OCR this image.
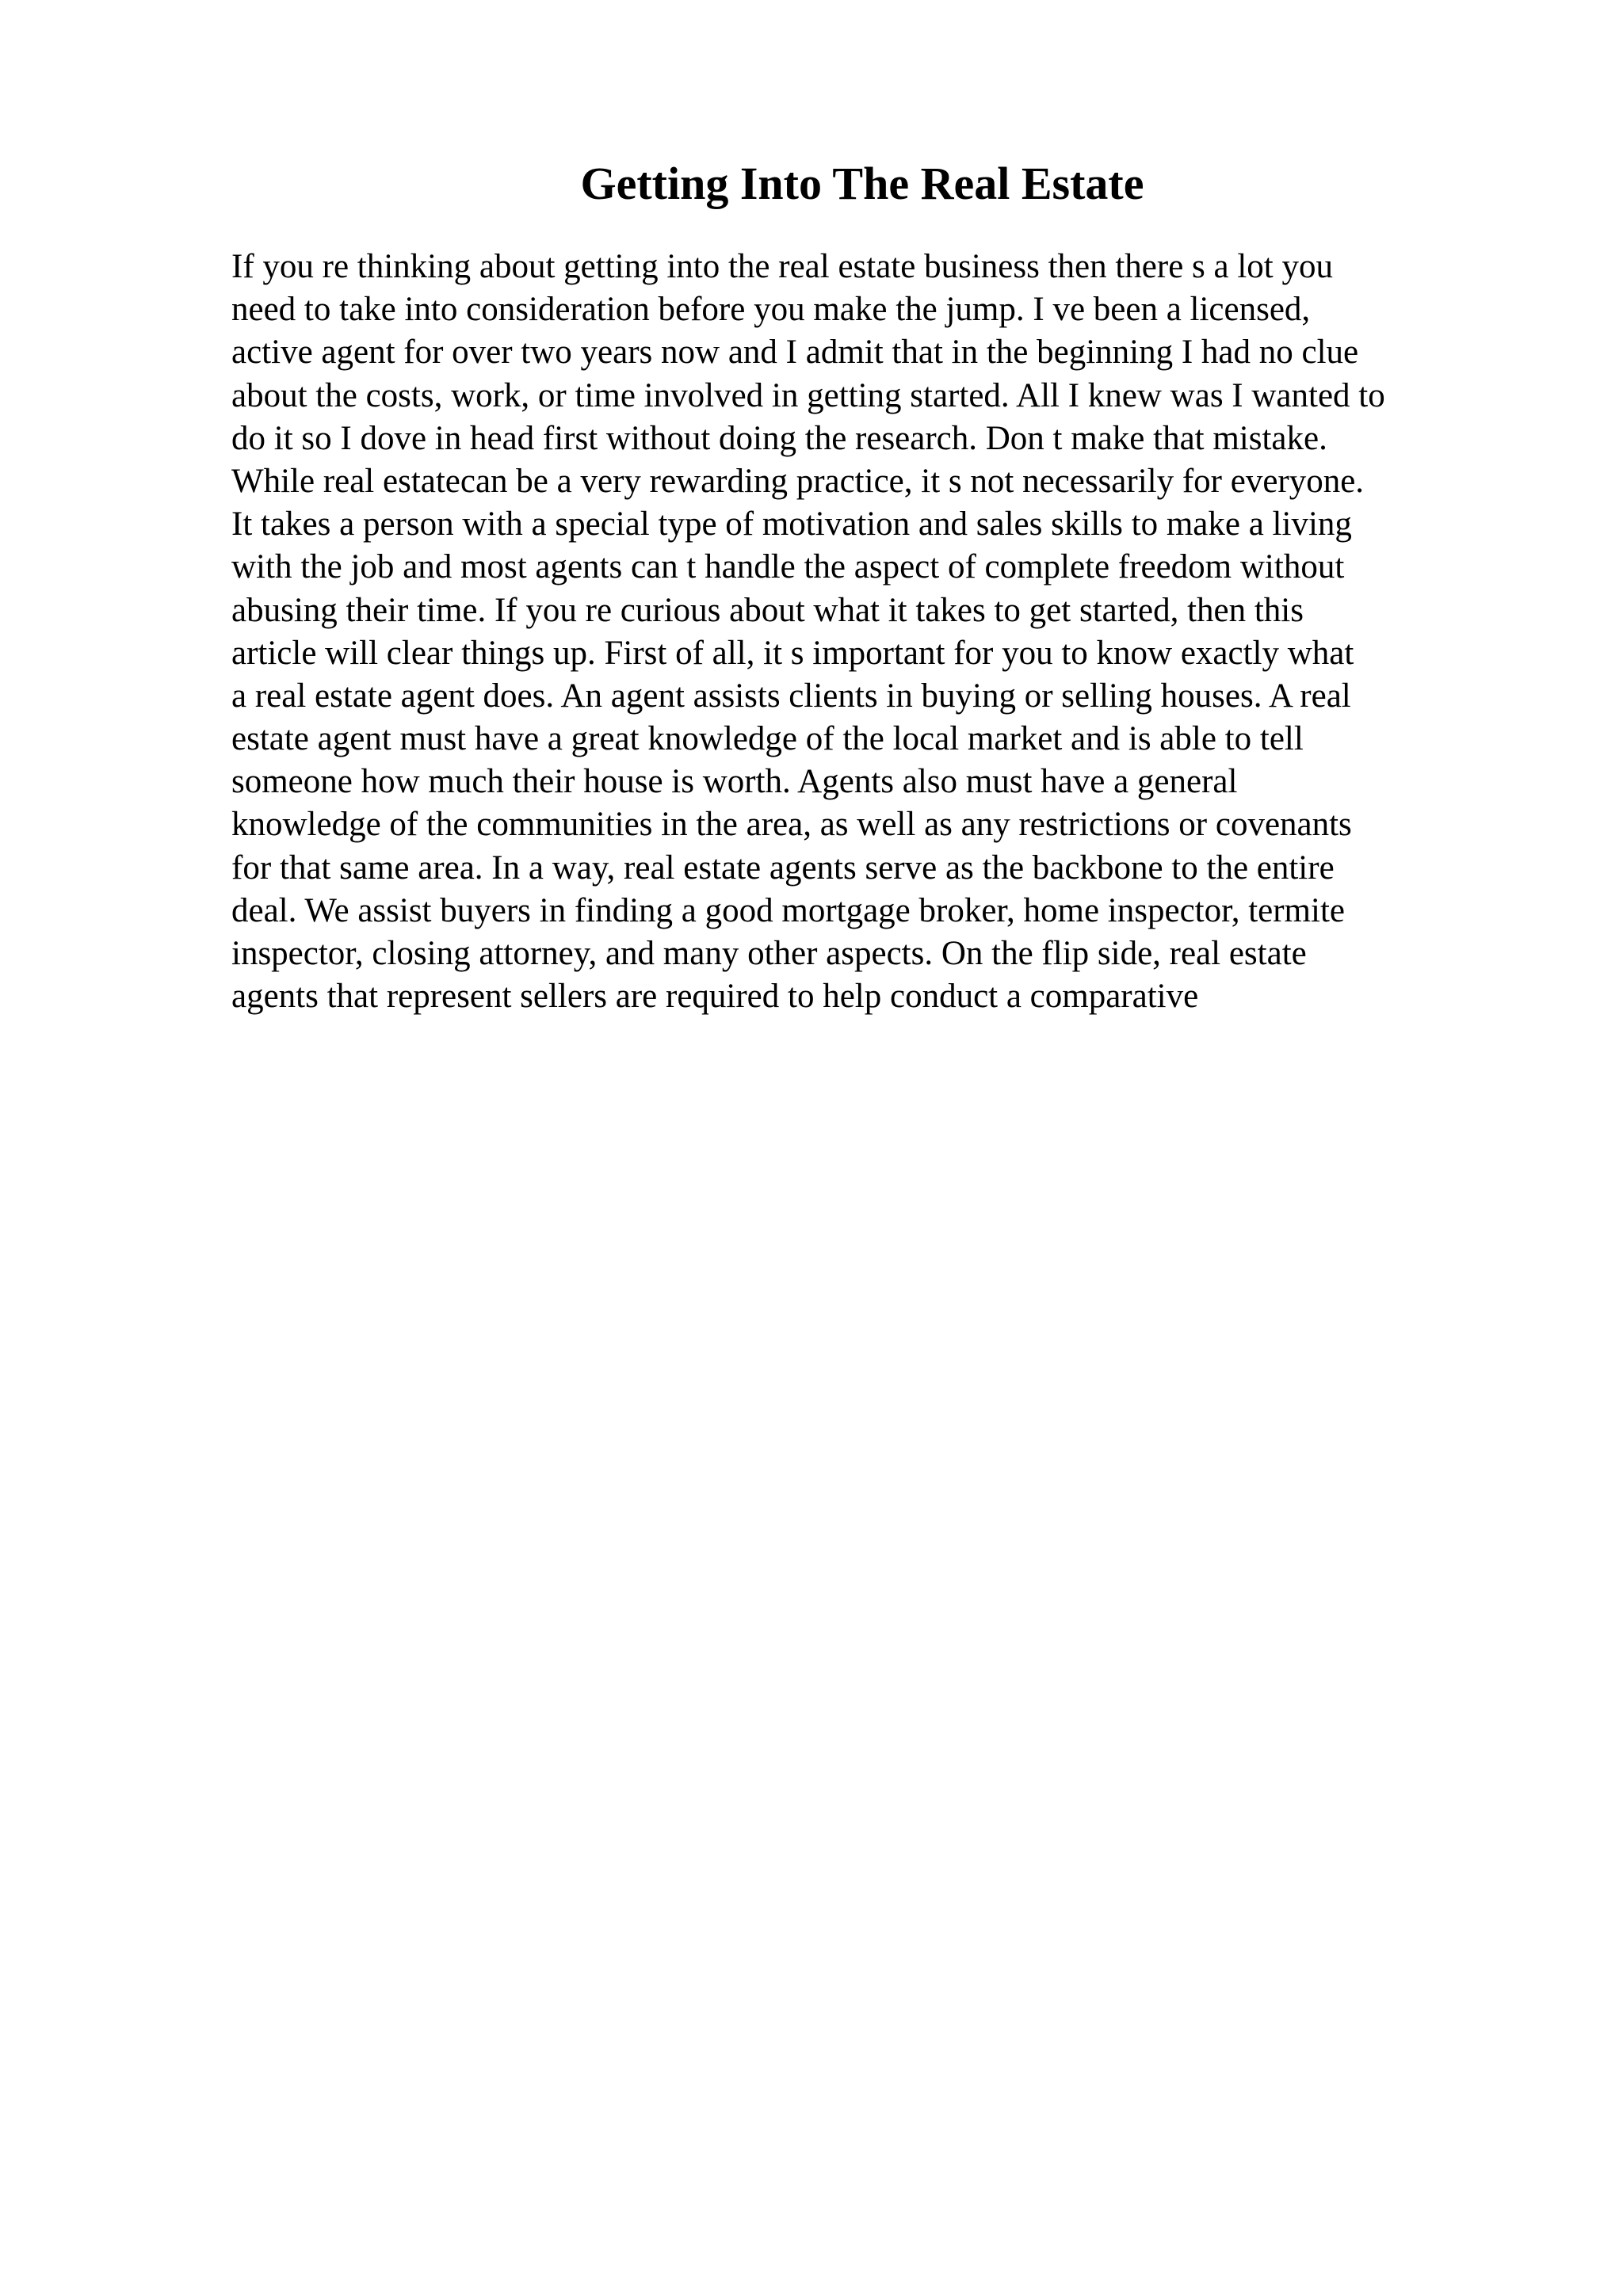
Getting Into The Real Estate
If you re thinking about getting into the real estate business then there s a lot you
need to take into consideration before you make the jump. I ve been a licensed,
active agent for over two years now and I admit that in the beginning I had no clue
about the costs, work, or time involved in getting started. All I knew was I wanted to
do it so I dove in head first without doing the research. Don t make that mistake.
While real estatecan be a very rewarding practice, it s not necessarily for everyone.
It takes a person with a special type of motivation and sales skills to make a living
with the job and most agents can t handle the aspect of complete freedom without
abusing their time. If you re curious about what it takes to get started, then this
article will clear things up. First of all, it s important for you to know exactly what
a real estate agent does. An agent assists clients in buying or selling houses. A real
estate agent must have a great knowledge of the local market and is able to tell
someone how much their house is worth. Agents also must have a general
knowledge of the communities in the area, as well as any restrictions or covenants
for that same area. In a way, real estate agents serve as the backbone to the entire
deal. We assist buyers in finding a good mortgage broker, home inspector, termite
inspector, closing attorney, and many other aspects. On the flip side, real estate
agents that represent sellers are required to help conduct a comparative
